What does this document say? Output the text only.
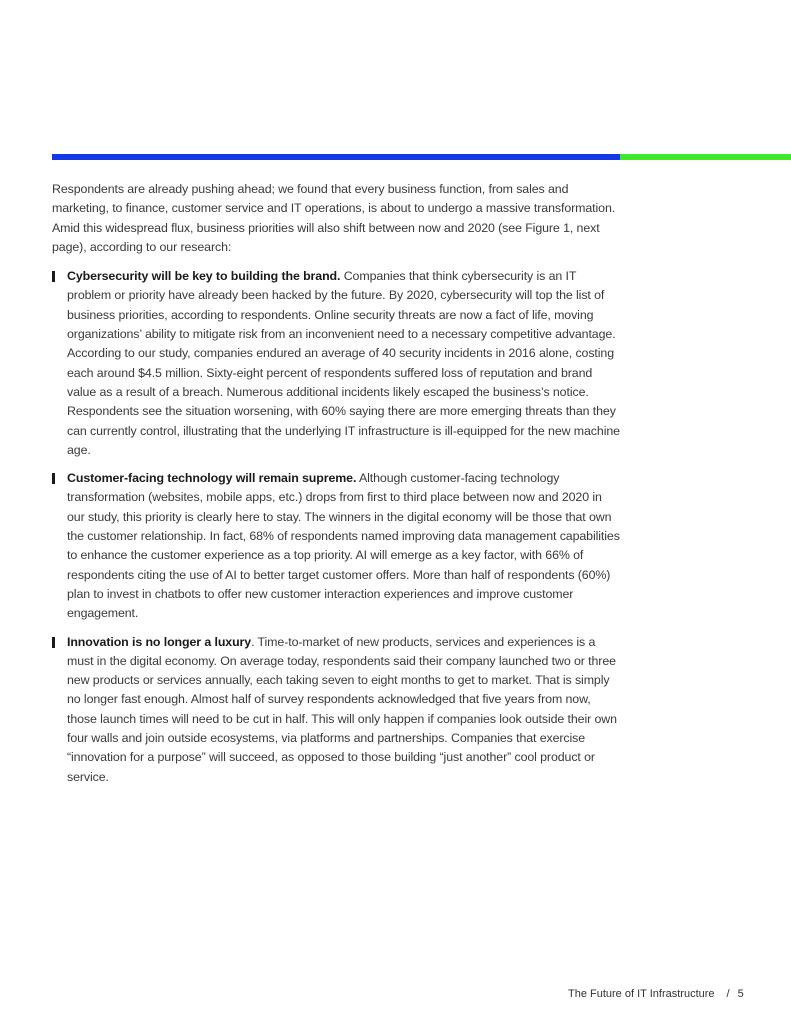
Respondents are already pushing ahead; we found that every business function, from sales and marketing, to finance, customer service and IT operations, is about to undergo a massive transformation. Amid this widespread flux, business priorities will also shift between now and 2020 (see Figure 1, next page), according to our research:

Cybersecurity will be key to building the brand. Companies that think cybersecurity is an IT problem or priority have already been hacked by the future. By 2020, cybersecurity will top the list of business priorities, according to respondents. Online security threats are now a fact of life, moving organizations’ ability to mitigate risk from an inconvenient need to a necessary competitive advantage. According to our study, companies endured an average of 40 security incidents in 2016 alone, costing each around $4.5 million. Sixty-eight percent of respondents suffered loss of reputation and brand value as a result of a breach. Numerous additional incidents likely escaped the business’s notice. Respondents see the situation worsening, with 60% saying there are more emerging threats than they can currently control, illustrating that the underlying IT infrastructure is ill-equipped for the new machine age.
Customer-facing technology will remain supreme. Although customer-facing technology transformation (websites, mobile apps, etc.) drops from first to third place between now and 2020 in our study, this priority is clearly here to stay. The winners in the digital economy will be those that own the customer relationship. In fact, 68% of respondents named improving data management capabilities to enhance the customer experience as a top priority. AI will emerge as a key factor, with 66% of respondents citing the use of AI to better target customer offers. More than half of respondents (60%) plan to invest in chatbots to offer new customer interaction experiences and improve customer engagement.
Innovation is no longer a luxury. Time-to-market of new products, services and experiences is a must in the digital economy. On average today, respondents said their company launched two or three new products or services annually, each taking seven to eight months to get to market. That is simply no longer fast enough. Almost half of survey respondents acknowledged that five years from now, those launch times will need to be cut in half. This will only happen if companies look outside their own four walls and join outside ecosystems, via platforms and partnerships. Companies that exercise “innovation for a purpose” will succeed, as opposed to those building “just another” cool product or service.
The Future of IT Infrastructure / 5
